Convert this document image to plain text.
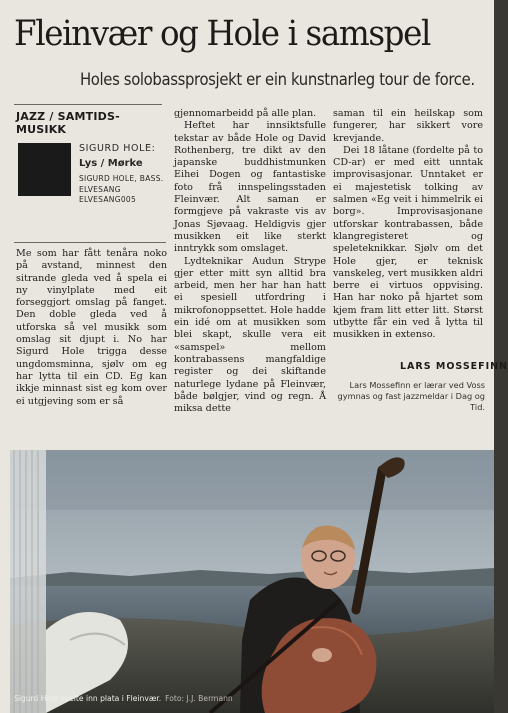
Fleinvær og Hole i samspel
Holes solobassprosjekt er ein kunstnarleg tour de force.
JAZZ / SAMTIDS-MUSIKK
SIGURD HOLE:
Lys / Mørke
SIGURD HOLE, BASS. ELVESANG ELVESANG005

Me som har fått tenåra noko på avstand, minnest den sitrande gleda ved å spela ei ny vinylplate med eit forseggjort omslag på fanget. Den doble gleda ved å utforska så vel musikk som omslag sit djupt i. No har Sigurd Hole trigga desse ungdomsminna, sjølv om eg har lytta til ein CD. Eg kan ikkje minnast sist eg kom over ei utgjeving som er så

gjennomarbeidd på alle plan.

Heftet har innsiktsfulle tekstar av både Hole og David Rothenberg, tre dikt av den japanske buddhistmunken Eihei Dogen og fantastiske foto frå innspelingsstaden Fleinvær. Alt saman er formgjeve på vakraste vis av Jonas Sjøvaag. Heldigvis gjer musikken eit like sterkt inntrykk som omslaget.

Lydteknikar Audun Strype gjer etter mitt syn alltid bra arbeid, men her har han hatt ei spesiell utfordring i mikrofonoppsettet. Hole hadde ein idé om at musikken som blei skapt, skulle vera eit «samspel» mellom kontrabassens mangfaldige register og dei skiftande naturlege lydane på Fleinvær, både bølgjer, vind og regn. Å miksa dette

saman til ein heilskap som fungerer, har sikkert vore krevjande.

Dei 18 låtane (fordelte på to CD-ar) er med eitt unntak improvisasjonar. Unntaket er ei majestetisk tolking av salmen «Eg veit i himmelrik ei borg». Improvisasjonane utforskar kontrabassen, både klangregisteret og speleteknikkar. Sjølv om det Hole gjer, er teknisk vanskeleg, vert musikken aldri berre ei virtuos oppvising. Han har noko på hjartet som kjem fram litt etter litt. Størst utbytte får ein ved å lytta til musikken in extenso.

LARS MOSSEFINN
Lars Mossefinn er lærar ved Voss gymnas og fast jazzmeldar i Dag og Tid.
Sigurd Hole spelte inn plata i Fleinvær. Foto: J.J. Bermann
